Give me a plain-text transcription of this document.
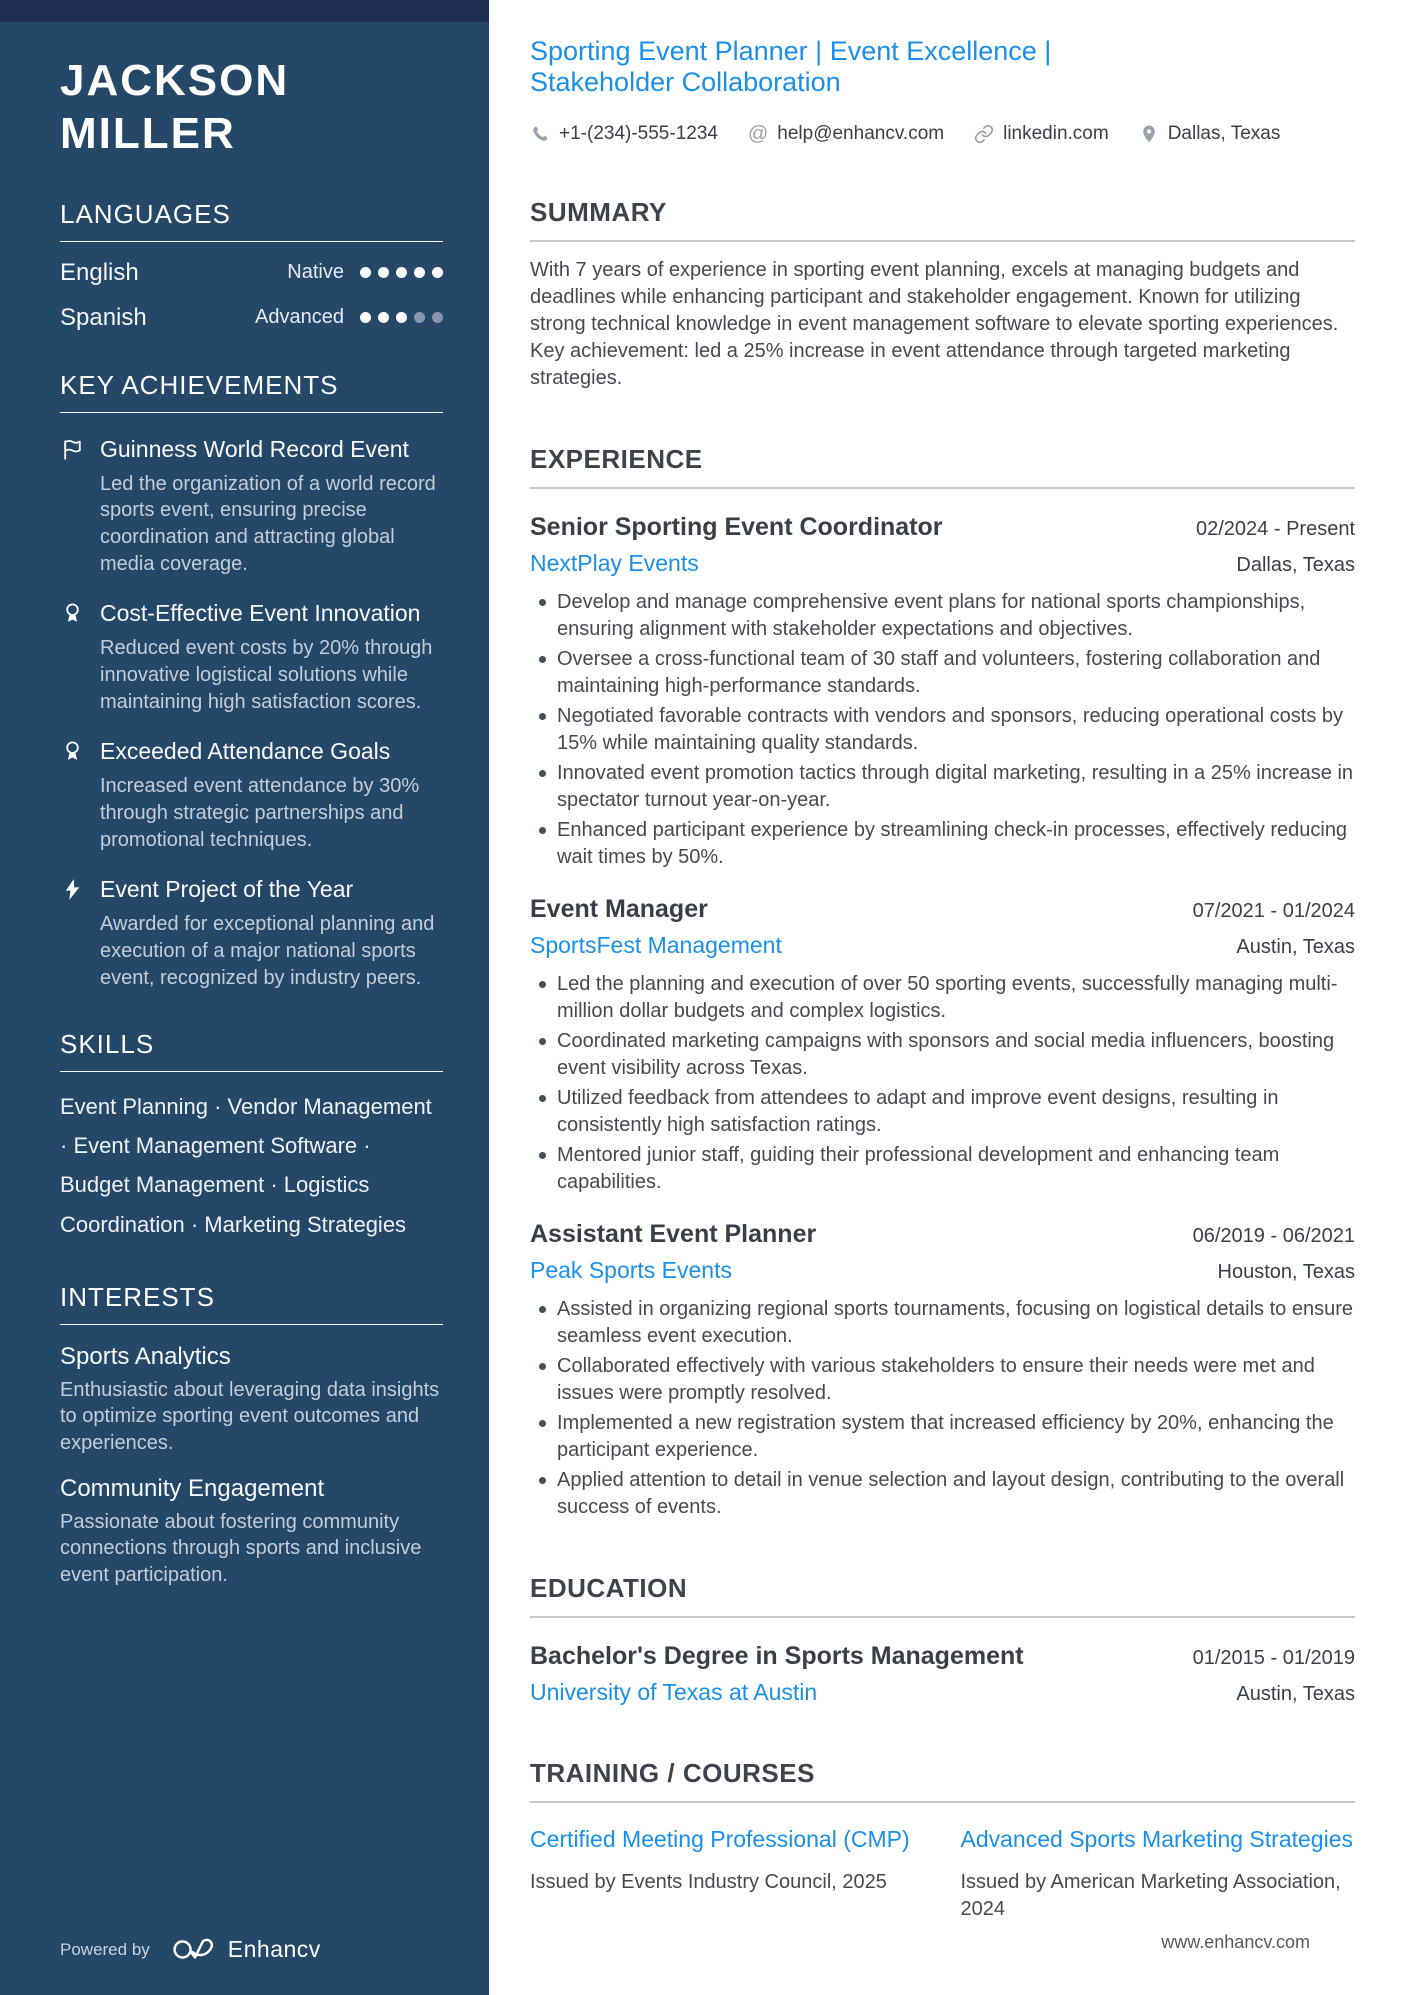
JACKSON
MILLER
LANGUAGES
English	Native
Spanish	Advanced
KEY ACHIEVEMENTS
Guinness World Record Event
Led the organization of a world record sports event, ensuring precise coordination and attracting global media coverage.
Cost-Effective Event Innovation
Reduced event costs by 20% through innovative logistical solutions while maintaining high satisfaction scores.
Exceeded Attendance Goals
Increased event attendance by 30% through strategic partnerships and promotional techniques.
Event Project of the Year
Awarded for exceptional planning and execution of a major national sports event, recognized by industry peers.
SKILLS

Event Planning · Vendor Management · Event Management Software · Budget Management · Logistics Coordination · Marketing Strategies

INTERESTS
Sports Analytics
Enthusiastic about leveraging data insights to optimize sporting event outcomes and experiences.
Community Engagement
Passionate about fostering community connections through sports and inclusive event participation.
Powered by	Enhancv
Sporting Event Planner | Event Excellence |
Stakeholder Collaboration
+1-(234)-555-1234 @ help@enhancv.com	linkedin.com	Dallas, Texas
SUMMARY

With 7 years of experience in sporting event planning, excels at managing budgets and deadlines while enhancing participant and stakeholder engagement. Known for utilizing strong technical knowledge in event management software to elevate sporting experiences. Key achievement: led a 25% increase in event attendance through targeted marketing strategies.

EXPERIENCE
Senior Sporting Event Coordinator	02/2024 - Present
NextPlay Events	Dallas, Texas
Develop and manage comprehensive event plans for national sports championships, ensuring alignment with stakeholder expectations and objectives.
Oversee a cross-functional team of 30 staff and volunteers, fostering collaboration and maintaining high-performance standards.
Negotiated favorable contracts with vendors and sponsors, reducing operational costs by 15% while maintaining quality standards.
Innovated event promotion tactics through digital marketing, resulting in a 25% increase in spectator turnout year-on-year.
Enhanced participant experience by streamlining check-in processes, effectively reducing wait times by 50%.
Event Manager	07/2021 - 01/2024
SportsFest Management	Austin, Texas
Led the planning and execution of over 50 sporting events, successfully managing multi-million dollar budgets and complex logistics.
Coordinated marketing campaigns with sponsors and social media influencers, boosting event visibility across Texas.
Utilized feedback from attendees to adapt and improve event designs, resulting in consistently high satisfaction ratings.
Mentored junior staff, guiding their professional development and enhancing team capabilities.
Assistant Event Planner	06/2019 - 06/2021
Peak Sports Events	Houston, Texas
Assisted in organizing regional sports tournaments, focusing on logistical details to ensure seamless event execution.
Collaborated effectively with various stakeholders to ensure their needs were met and issues were promptly resolved.
Implemented a new registration system that increased efficiency by 20%, enhancing the participant experience.
Applied attention to detail in venue selection and layout design, contributing to the overall success of events.
EDUCATION
Bachelor's Degree in Sports Management	01/2015 - 01/2019
University of Texas at Austin	Austin, Texas
TRAINING / COURSES
Certified Meeting Professional (CMP)
Issued by Events Industry Council, 2025
Advanced Sports Marketing Strategies
Issued by American Marketing Association, 2024
www.enhancv.com
